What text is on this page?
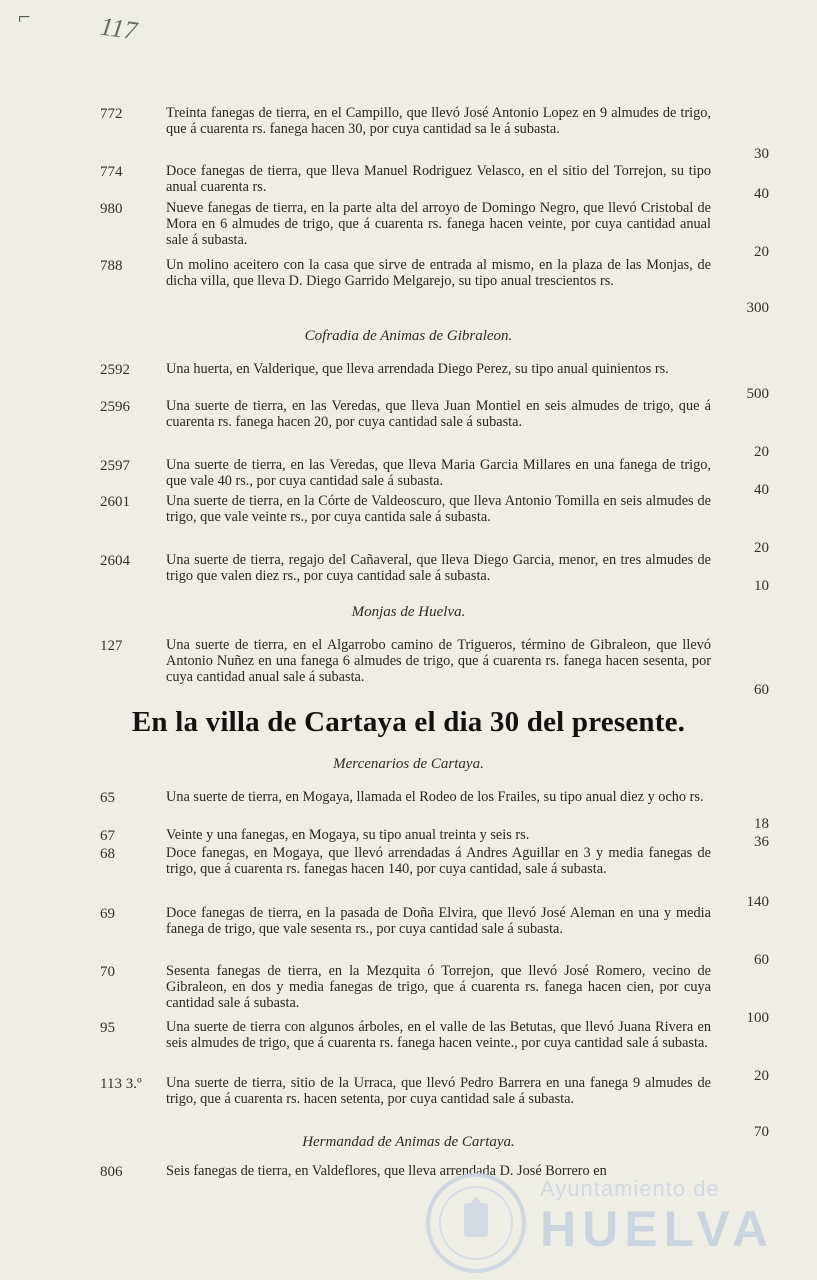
⌐	117
772	Treinta fanegas de tierra, en el Campillo, que llevó José Antonio Lopez en 9 almudes de trigo, que á cuarenta rs. fanega hacen 30, por cuya cantidad sa le á subasta.
30
774	Doce fanegas de tierra, que lleva Manuel Rodriguez Velasco, en el sitio del Torrejon, su tipo anual cuarenta rs.	40
980	Nueve fanegas de tierra, en la parte alta del arroyo de Domingo Negro, que llevó Cristobal de Mora en 6 almudes de trigo, que á cuarenta rs. fanega hacen veinte, por cuya cantidad anual sale á subasta.
20
788	Un molino aceitero con la casa que sirve de entrada al mismo, en la plaza de las Monjas, de dicha villa, que lleva D. Diego Garrido Melgarejo, su tipo anual trescientos rs.
300
Cofradia de Animas de Gibraleon.
2592	Una huerta, en Valderique, que lleva arrendada Diego Perez, su tipo anual quinientos rs.
500
2596	Una suerte de tierra, en las Veredas, que lleva Juan Montiel en seis almudes de trigo, que á cuarenta rs. fanega hacen 20, por cuya cantidad sale á subasta.
20
2597	Una suerte de tierra, en las Veredas, que lleva Maria Garcia Millares en una fanega de trigo, que vale 40 rs., por cuya cantidad sale á subasta.
40
2601	Una suerte de tierra, en la Córte de Valdeoscuro, que lleva Antonio Tomilla en seis almudes de trigo, que vale veinte rs., por cuya cantida sale á subasta.
20
2604	Una suerte de tierra, regajo del Cañaveral, que lleva Diego Garcia, menor, en tres almudes de trigo que valen diez rs., por cuya cantidad sale á subasta.
10
Monjas de Huelva.
127	Una suerte de tierra, en el Algarrobo camino de Trigueros, término de Gibraleon, que llevó Antonio Nuñez en una fanega 6 almudes de trigo, que á cuarenta rs. fanega hacen sesenta, por cuya cantidad anual sale á subasta.
60
En la villa de Cartaya el dia 30 del presente.
Mercenarios de Cartaya.
65	Una suerte de tierra, en Mogaya, llamada el Rodeo de los Frailes, su tipo anual diez y ocho rs.
18
67	Veinte y una fanegas, en Mogaya, su tipo anual treinta y seis rs.	36
68	Doce fanegas, en Mogaya, que llevó arrendadas á Andres Aguillar en 3 y media fanegas de trigo, que á cuarenta rs. fanegas hacen 140, por cuya cantidad, sale á subasta.
140
69	Doce fanegas de tierra, en la pasada de Doña Elvira, que llevó José Aleman en una y media fanega de trigo, que vale sesenta rs., por cuya cantidad sale á subasta.
60
70	Sesenta fanegas de tierra, en la Mezquita ó Torrejon, que llevó José Romero, vecino de Gibraleon, en dos y media fanegas de trigo, que á cuarenta rs. fanega hacen cien, por cuya cantidad sale á subasta.
100
95	Una suerte de tierra con algunos árboles, en el valle de las Betutas, que llevó Juana Rivera en seis almudes de trigo, que á cuarenta rs. fanega hacen veinte., por cuya cantidad sale á subasta.
20
113 3.º	Una suerte de tierra, sitio de la Urraca, que llevó Pedro Barrera en una fanega 9 almudes de trigo, que á cuarenta rs. hacen setenta, por cuya cantidad sale á subasta.
70
Hermandad de Animas de Cartaya.
806	Seis fanegas de tierra, en Valdeflores, que lleva arrendada D. José Borrero en
Ayuntamiento de
HUELVA
